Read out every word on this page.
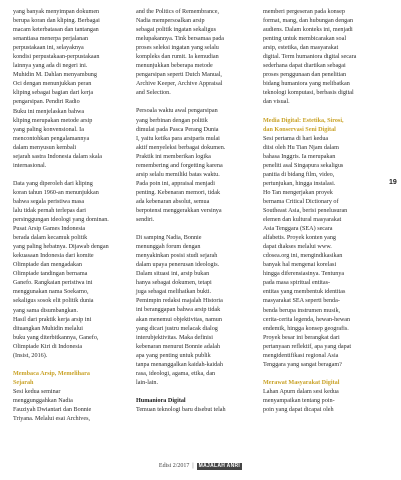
yang banyak menyimpan dokumen
berupa koran dan kliping. Berbagai
macam keterbatasan dan tantangan
senantiasa menerpa perjalanan
perpustakaan ini, selayaknya
kondisi perpustakaan-perpustakaan
lainnya yang ada di negeri ini.
Muhidin M. Dahlan menyambung
Oci dengan menunjukkan peran
kliping sebagai bagian dari kerja
pengarsipan. Pendiri Radio
Buku ini menjelaskan bahwa
kliping merupakan metode arsip
yang paling konvensional. Ia
mencontohkan pengalamannya
dalam menyusun kembali
sejarah sastra Indonesia dalam skala
internasional.

Data yang diperoleh dari kliping
koran tahun 1960-an menunjukkan
bahwa segala peristiwa masa
lalu tidak pernah terlepas dari
persinggungan ideologi yang dominan.
Pusat Arsip Games Indonesia
berada dalam kecamuk politik
yang paling hebatnya. Dijawab dengan
kekuasaan Indonesia dari komite
Olimpiade dan mengadakan
Olimpiade tandingan bernama
Ganefo. Rangkaian peristiwa ini
menggunakan nama Soekarno,
sekaligus sosok elit politik dunia
yang sama disumbangkan.
Hasil dari praktik kerja arsip ini
dituangkan Muhidin melalui
buku yang diterbitkannya, Ganefo,
Olimpiade Kiri di Indonesia
(Insist, 2016).

Membaca Arsip, Memelihara
Sejarah

Sesi kedua seminar
menggunggahkan Nadia
Fauziyah Dwiantari dan Bonnie
Triyana. Melalui esai Archives,

and the Politics of Remembrance,
Nadia mempersoalkan arsip
sebagai politik ingatan sekaligus
melupakannya. Tink bersamaa pada
proses seleksi ingatan yang selalu
kompleks dan rumit. Ia kemudian
menunjukkan beberapa metode
pengarsipan seperti Dutch Manual,
Archive Keeper, Archive Appraisal
and Selection.

Persoala waktu awal pengarsipan
yang berbinan dengan politik
dimulai pada Pasca Perang Dunia
I, yaitu ketika para arsiparis mulai
aktif menyeleksi berbagai dokumen.
Praktik ini memberikan logika
remembering and forgetting karena
arsip selalu memiliki batas waktu.
Pada poin ini, appraisal menjadi
penting. Kebenaran memori, tidak
ada kebenaran absolut, semua
berpotensi menggerakkan versinya
sendiri.

Di samping Nadia, Bonnie
menunggah forum dengan
menyakinkan posisi studi sejarah
dalam upaya penerusan ideologis.
Dalam situasi ini, arsip bukan
hanya sebagai dokumen, tetapi
juga sebagai melihatkan bukti.
Pemimpin redaksi majalah Historia
ini beranggapan bahwa arsip tidak
akan menemui objektivitas, namun
yang dicari justru melacak dialog
interubjektivitas. Maka definisi
kebenaran menurut Bonnie adalah
apa yang penting untuk publik
tanpa menanggalkan kaidah-kaidah
rasa, ideologi, agama, etika, dan
lain-lain.

Humaniora Digital

Temuan teknologi baru disebut telah

memberi pergeseran pada konsep
format, mang, dan hubungan dengan
audiens. Dalam konteks ini, menjadi
penting untuk membicarakan soal
arsip, estetika, dan masyarakat
digital. Term humaniora digital secara
sederhana dapat diartikan sebagai
proses penggunaan dan penelitian
bidang humaniora yang melibatkan
teknologi komputasi, berbasis digital
dan visual.

Media Digital: Estetika, Sirosi,
dan Konservasi Seni Digital

Sesi pertama di hari kedua
diisi oleh Hu Tian Njam dalam
bahasa Inggris. Ia merupakan
peneliti asal Singapura sekaligus
panitia di bidang film, video,
pertunjukan, hingga instalasi.
Ho Tan mengerjakan proyek
bernama Critical Dictionary of
Southeast Asia, berisi penelusuran
elemen dan kultural masyarakat
Asia Tenggara (SEA) secara
alfabetis. Proyek konten yang
dapat diakses melalui www.
cdosea.org ini, mengindikasikan
banyak hal mengenai korelasi
hingga diferensiasinya. Tentunya
pada masa spiritual entitas-
entitas yang membentuk identitas
masyarakat SEA seperti benda-
benda berupa instrumen musik,
cerita-cerita legenda, hewan-hewan
endemik, hingga konsep geografis.
Proyek besar ini berangkat dari
pertanyaan reflektif, apa yang dapat
mengidentifikasi regional Asia
Tenggara yang sangat beragam?

Merawat Masyarakat Digital

Lahan Apurn dalam sesi kedua
menyampaikan tentang poin-
poin yang dapat dicapai oleh

19
Edisi 2/2017 | MAJALAH ANRI
